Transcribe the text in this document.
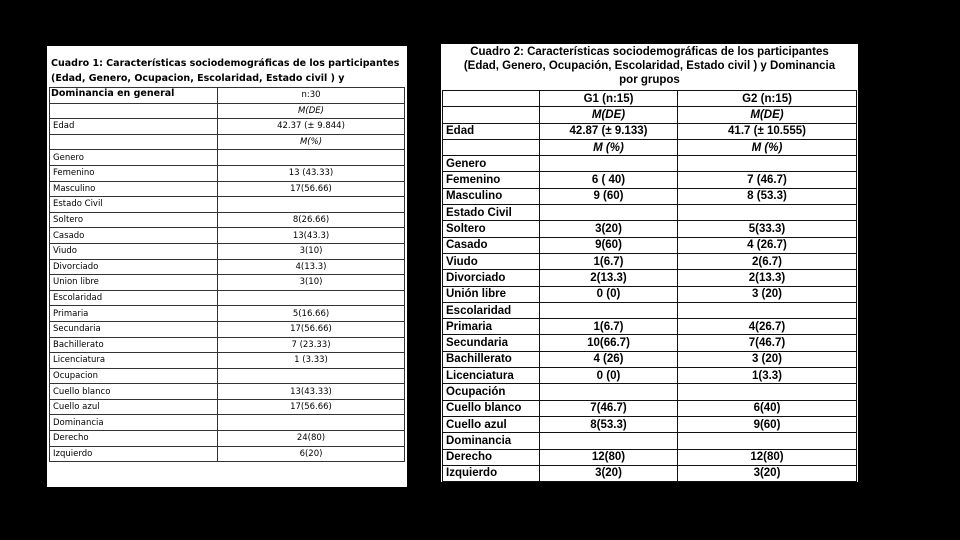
Cuadro 1: Características sociodemográficas de los participantes (Edad, Genero, Ocupacion, Escolaridad, Estado civil ) y Dominancia en general
		n:30
	M(DE)
Edad	42.37 (± 9.844)
	M(%)
Genero	
Femenino	13 (43.33)
Masculino	17(56.66)
Estado Civil	
Soltero	8(26.66)
Casado	13(43.3)
Viudo	3(10)
Divorciado	4(13.3)
Union libre	3(10)
Escolaridad	
Primaria	5(16.66)
Secundaria	17(56.66)
Bachillerato	7 (23.33)
Licenciatura	1 (3.33)
Ocupacion	
Cuello blanco	13(43.33)
Cuello azul	17(56.66)
Dominancia	
Derecho	24(80)
Izquierdo	6(20)
Cuadro 2: Características sociodemográficas de los participantes
(Edad, Genero, Ocupación, Escolaridad, Estado civil ) y Dominancia
por grupos
	G1 (n:15)	G2 (n:15)
	M(DE)	M(DE)
Edad	42.87 (± 9.133)	41.7 (± 10.555)
	M (%)	M (%)
Genero		
Femenino	6 ( 40)	7 (46.7)
Masculino	9 (60)	8 (53.3)
Estado Civil		
Soltero	3(20)	5(33.3)
Casado	9(60)	4 (26.7)
Viudo	1(6.7)	2(6.7)
Divorciado	2(13.3)	2(13.3)
Unión libre	0 (0)	3 (20)
Escolaridad		
Primaria	1(6.7)	4(26.7)
Secundaria	10(66.7)	7(46.7)
Bachillerato	4 (26)	3 (20)
Licenciatura	0 (0)	1(3.3)
Ocupación		
Cuello blanco	7(46.7)	6(40)
Cuello azul	8(53.3)	9(60)
Dominancia		
Derecho	12(80)	12(80)
Izquierdo	3(20)	3(20)
